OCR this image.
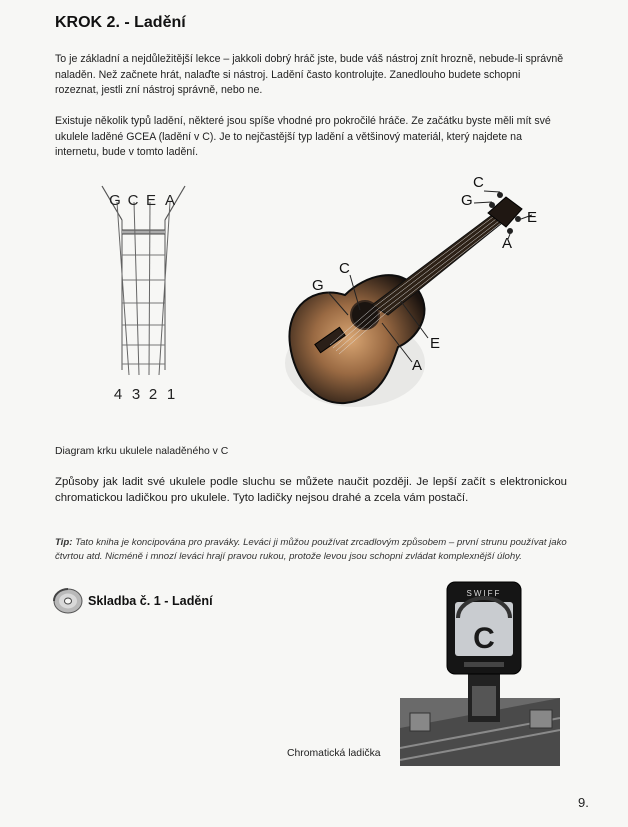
KROK 2. - Ladění
To je základní a nejdůležitější lekce – jakkoli dobrý hráč jste, bude váš nástroj znít hrozně, nebude-li správně naladěn. Než začnete hrát, nalaďte si nástroj. Ladění často kontrolujte. Zanedlouho budete schopni rozeznat, jestli zní nástroj správně, nebo ne.
Existuje několik typů ladění, některé jsou spíše vhodné pro pokročilé hráče. Ze začátku byste měli mít své ukulele laděné GCEA (ladění v C). Je to nejčastější typ ladění a většinový materiál, který najdete na internetu, bude v tomto ladění.
G C E A
4 3 2 1
G
C
E
A
G
C
E
A
Diagram krku ukulele naladěného v C
Způsoby jak ladit své ukulele podle sluchu se můžete naučit později. Je lepší začít s elektronickou chromatickou ladičkou pro ukulele. Tyto ladičky nejsou drahé a zcela vám postačí.
Tip: Tato kniha je koncipována pro praváky. Leváci ji můžou používat zrcadlovým způsobem – první strunu používat jako čtvrtou atd. Nicméně i mnozí leváci hrají pravou rukou, protože levou jsou schopni zvládat komplexnější úlohy.
Skladba č. 1 - Ladění
SWIFF
C
Chromatická ladička
9.
